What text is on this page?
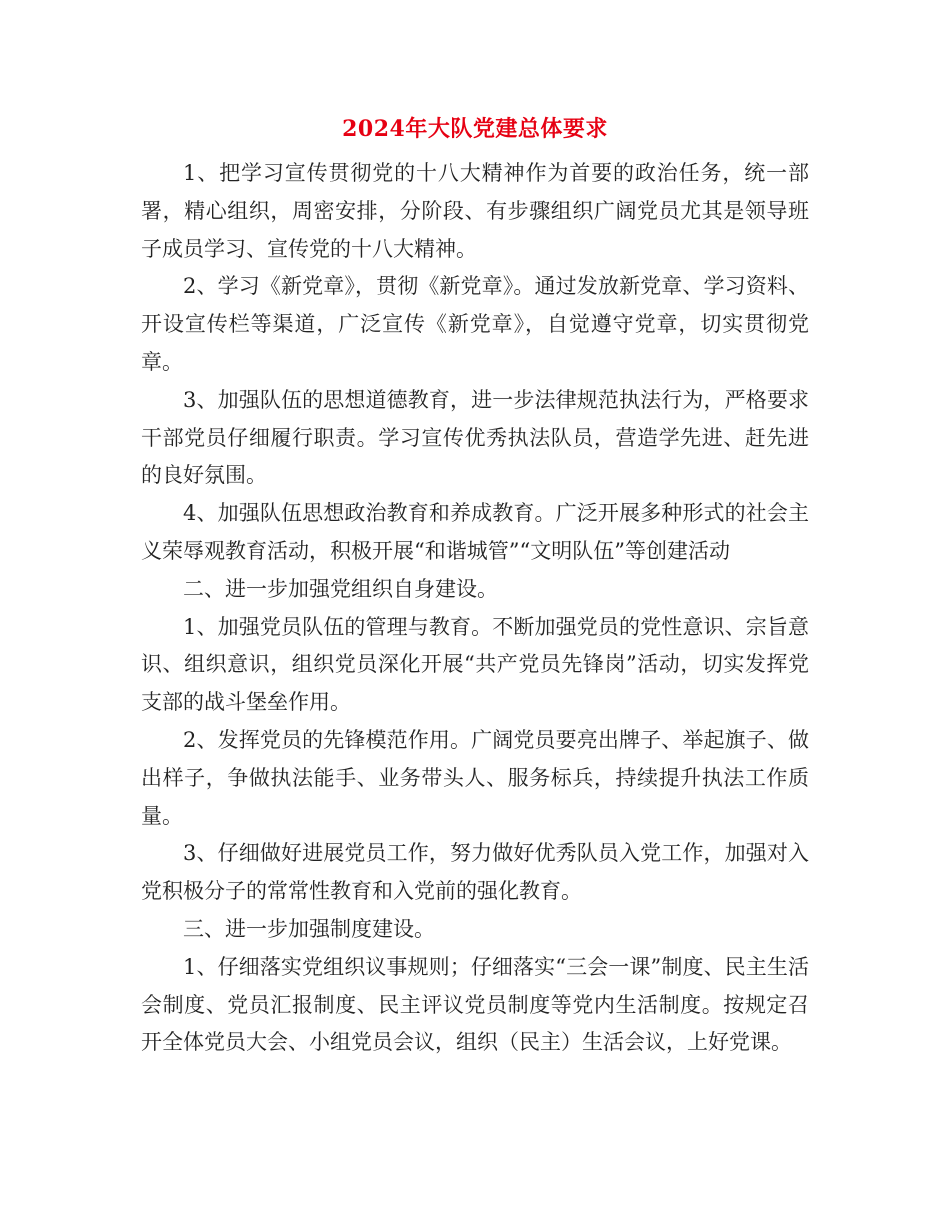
2024年大队党建总体要求

1、把学习宣传贯彻党的十八大精神作为首要的政治任务，统一部署，精心组织，周密安排，分阶段、有步骤组织广阔党员尤其是领导班子成员学习、宣传党的十八大精神。

2、学习《新党章》，贯彻《新党章》。通过发放新党章、学习资料、开设宣传栏等渠道，广泛宣传《新党章》，自觉遵守党章，切实贯彻党章。

3、加强队伍的思想道德教育，进一步法律规范执法行为，严格要求干部党员仔细履行职责。学习宣传优秀执法队员，营造学先进、赶先进的良好氛围。

4、加强队伍思想政治教育和养成教育。广泛开展多种形式的社会主义荣辱观教育活动，积极开展“和谐城管”“文明队伍”等创建活动

二、进一步加强党组织自身建设。

1、加强党员队伍的管理与教育。不断加强党员的党性意识、宗旨意识、组织意识，组织党员深化开展“共产党员先锋岗”活动，切实发挥党支部的战斗堡垒作用。

2、发挥党员的先锋模范作用。广阔党员要亮出牌子、举起旗子、做出样子，争做执法能手、业务带头人、服务标兵，持续提升执法工作质量。

3、仔细做好进展党员工作，努力做好优秀队员入党工作，加强对入党积极分子的常常性教育和入党前的强化教育。

三、进一步加强制度建设。

1、仔细落实党组织议事规则；仔细落实“三会一课”制度、民主生活会制度、党员汇报制度、民主评议党员制度等党内生活制度。按规定召开全体党员大会、小组党员会议，组织（民主）生活会议，上好党课。
